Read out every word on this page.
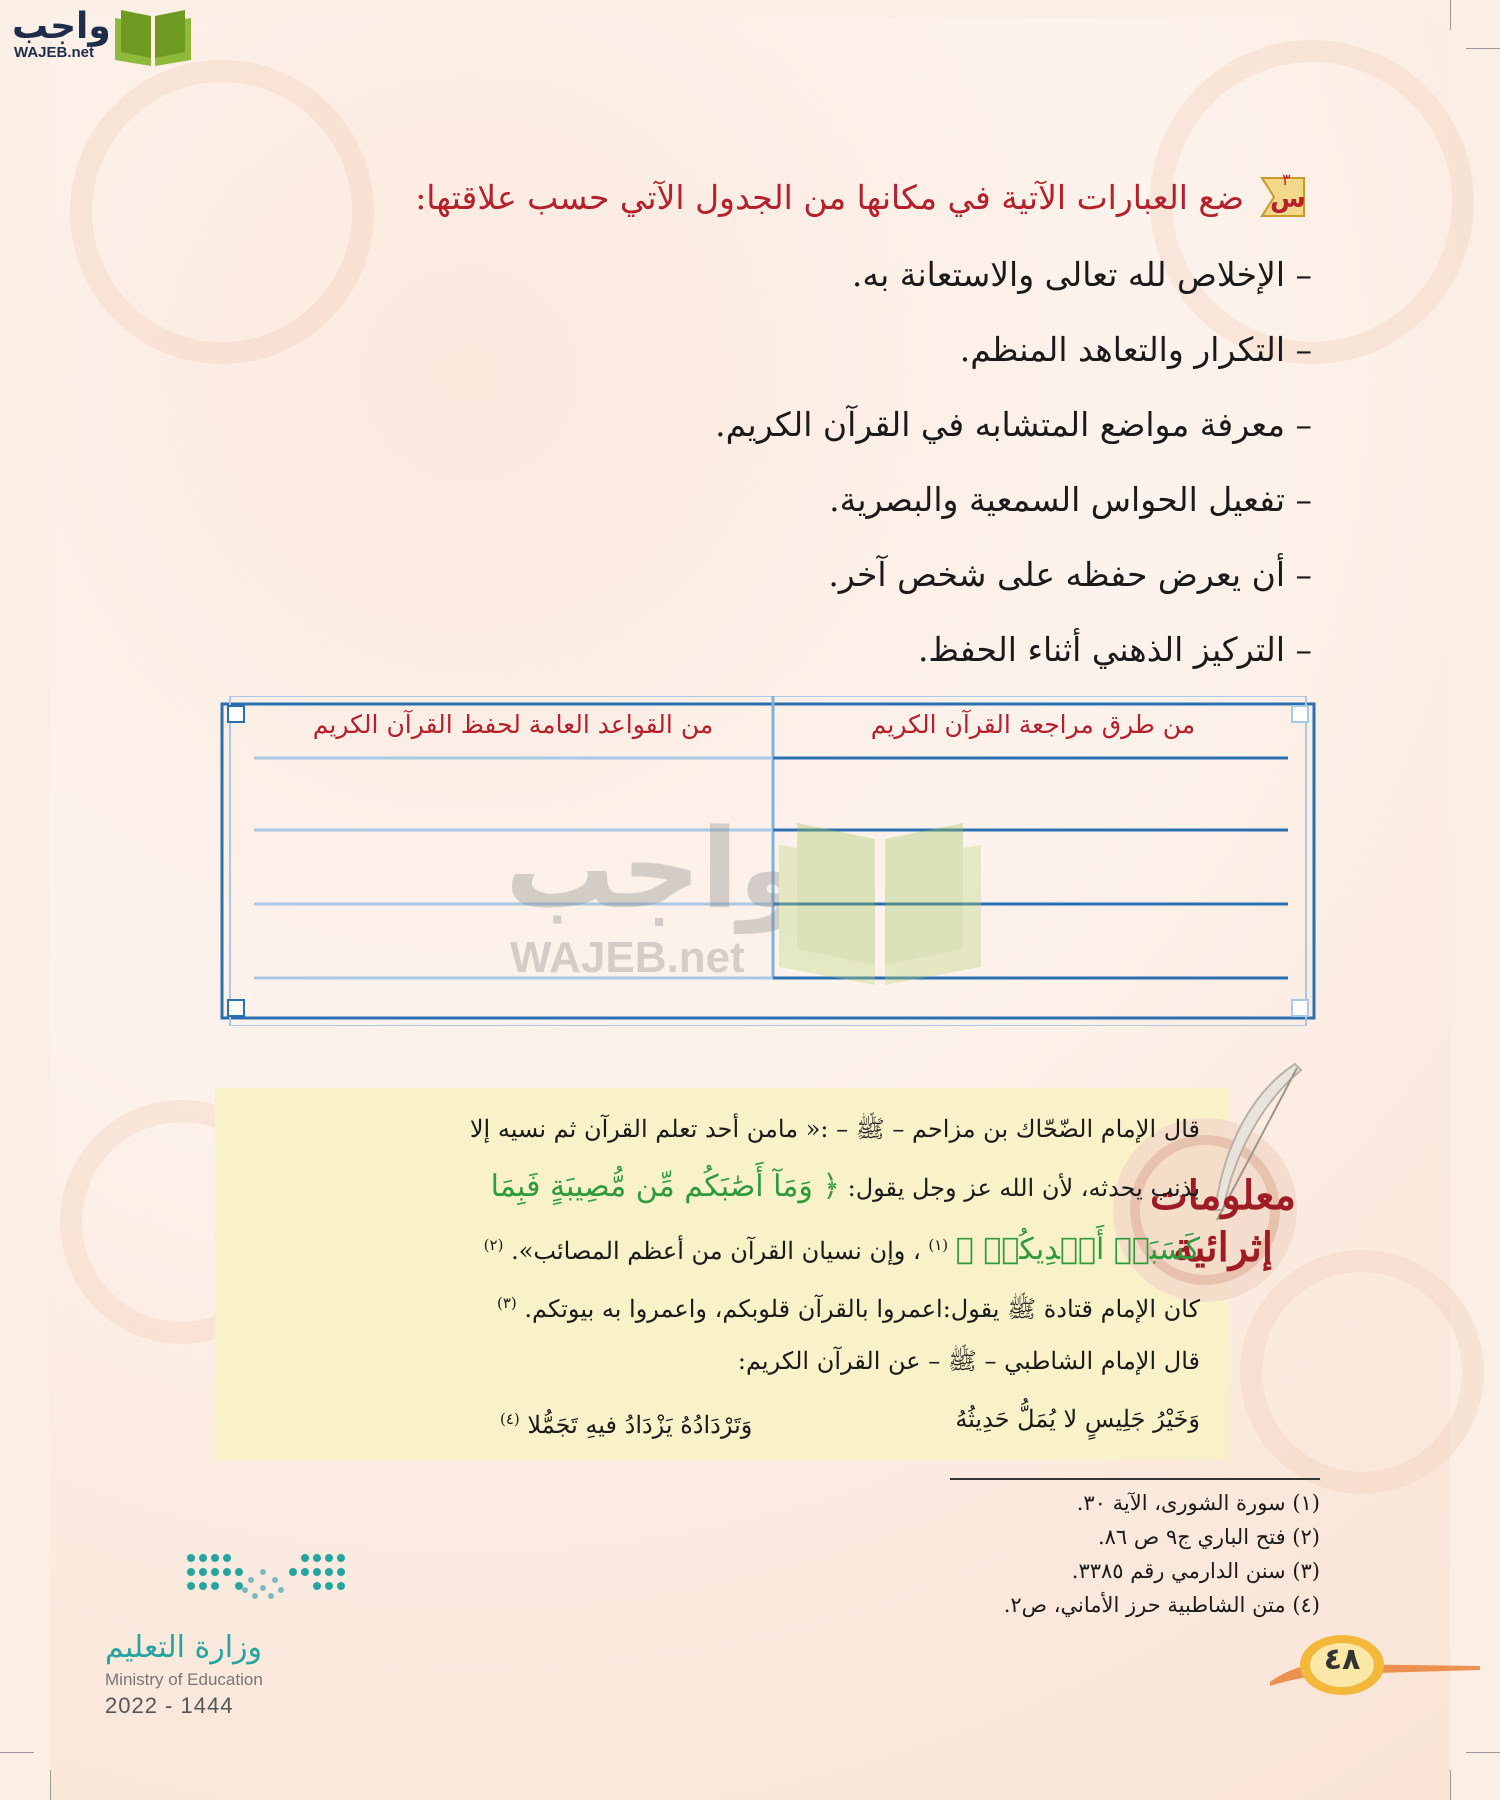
واجب
WAJEB.net
س
٣
ضع العبارات الآتية في مكانها من الجدول الآتي حسب علاقتها:
– الإخلاص لله تعالى والاستعانة به.
– التكرار والتعاهد المنظم.
– معرفة مواضع المتشابه في القرآن الكريم.
– تفعيل الحواس السمعية والبصرية.
– أن يعرض حفظه على شخص آخر.
– التركيز الذهني أثناء الحفظ.
من طرق مراجعة القرآن الكريم
من القواعد العامة لحفظ القرآن الكريم
واجب
WAJEB.net
معلومات
إثرائية
قال الإمام الضّحّاك بن مزاحم – ﷺ – :« مامن أحد تعلم القرآن ثم نسيه إلا
بذنب يحدثه، لأن الله عز وجل يقول: ﴿ وَمَآ أَصَٰبَكُم مِّن مُّصِيبَةٍ فَبِمَا
كَسَبَتۡ أَيۡدِيكُمۡ ﴾ $^{(١)}$ ، وإن نسيان القرآن من أعظم المصائب». $^{(٢)}$
كان الإمام قتادة ﷺ يقول:اعمروا بالقرآن قلوبكم، واعمروا به بيوتكم. $^{(٣)}$
قال الإمام الشاطبي – ﷺ – عن القرآن الكريم:
وَخَيْرُ جَلِيسٍ لا يُمَلُّ حَدِيثُهُ
وَتَرْدَادُهُ يَزْدَادُ فيهِ تَجَمُّلا $^{(٤)}$
(١) سورة الشورى، الآية ٣٠.
(٢) فتح الباري ج٩ ص ٨٦.
(٣) سنن الدارمي رقم ٣٣٨٥.
(٤) متن الشاطبية حرز الأماني، ص٢.
وزارة التعليم
Ministry of Education
2022 - 1444
٤٨
